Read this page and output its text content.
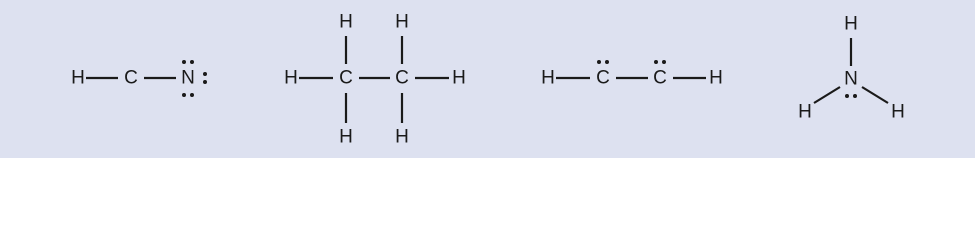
H C N	H C C H
H H
H H
H C C H
H
N
H	H
